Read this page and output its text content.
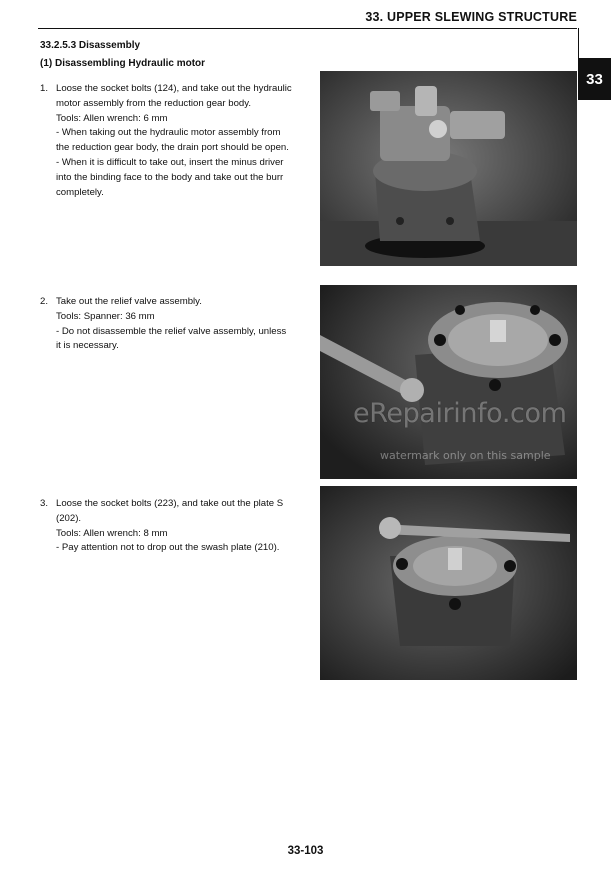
33. UPPER SLEWING STRUCTURE
33
33.2.5.3 Disassembly
(1) Disassembling Hydraulic motor
1. Loose the socket bolts (124), and take out the hydraulic
motor assembly from the reduction gear body.
Tools: Allen wrench: 6 mm
- When taking out the hydraulic motor assembly from
the reduction gear body, the drain port should be open.
- When it is difficult to take out, insert the minus driver
into the binding face to the body and take out the burr
completely.
2. Take out the relief valve assembly.
Tools: Spanner: 36 mm
- Do not disassemble the relief valve assembly, unless
it is necessary.
3. Loose the socket bolts (223), and take out the plate S
(202).
Tools: Allen wrench: 8 mm
- Pay attention not to drop out the swash plate (210).
eRepairinfo.com
watermark only on this sample
33-103
